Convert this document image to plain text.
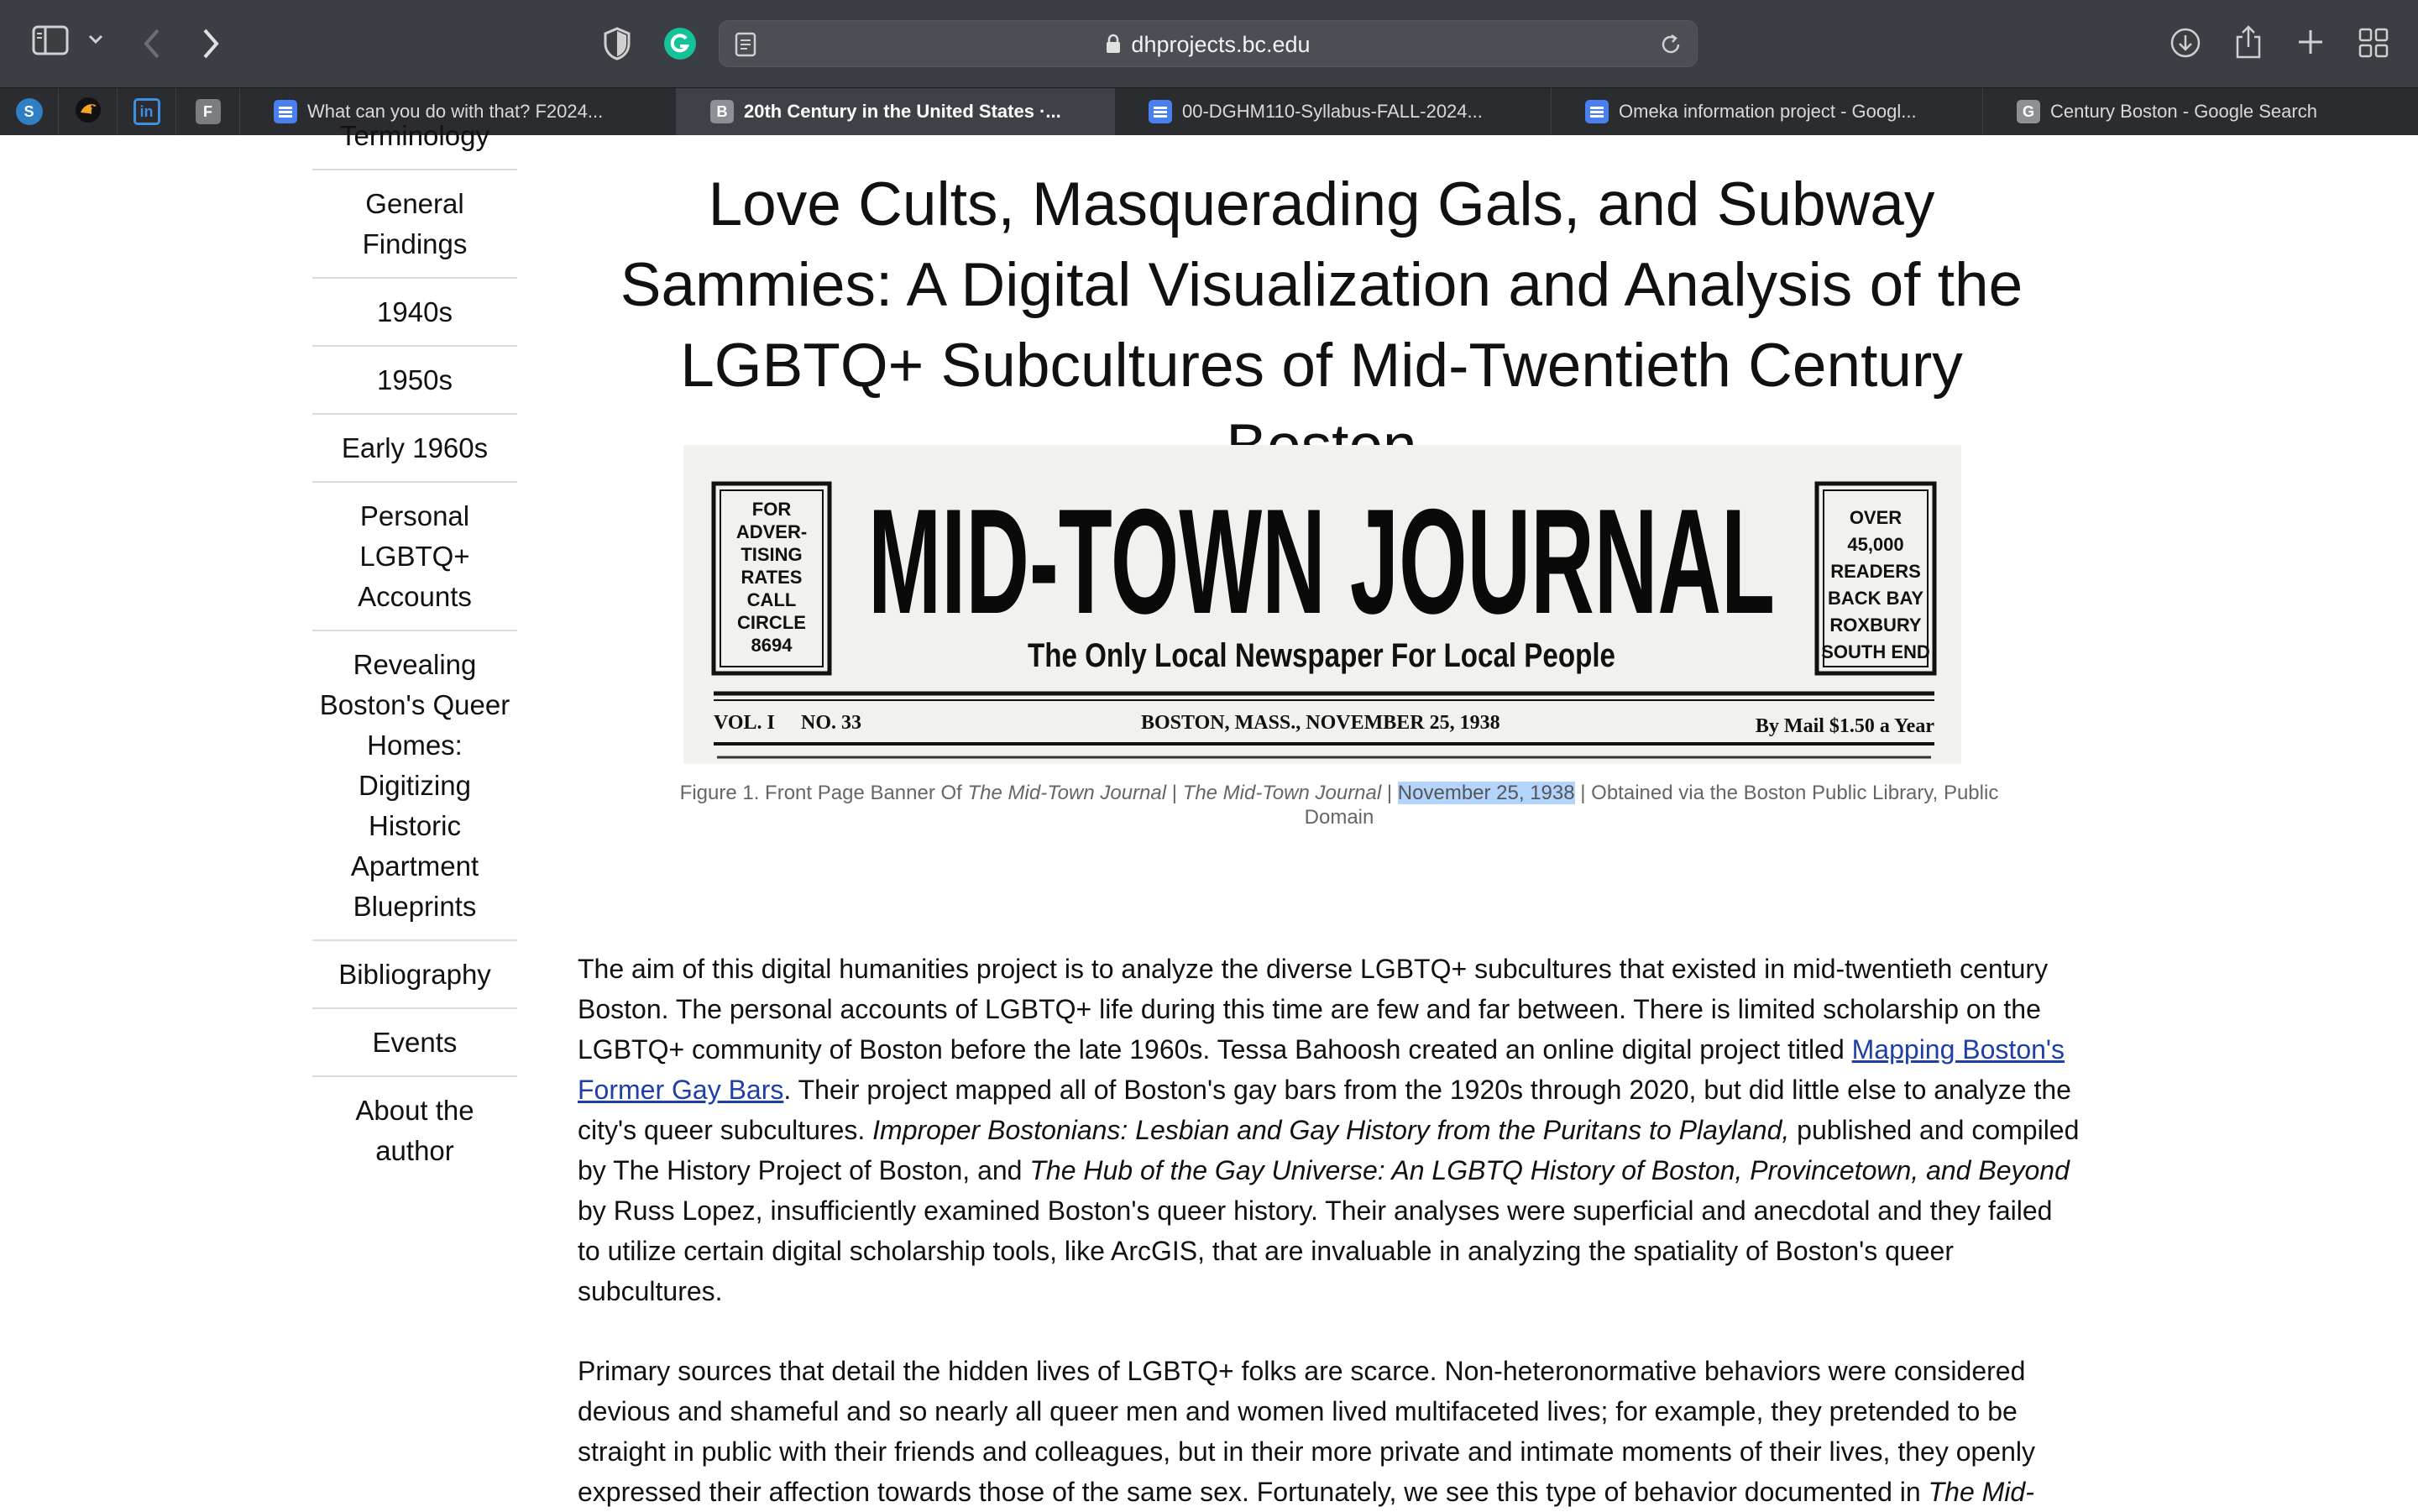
dhprojects.bc.edu
S	in	F	What can you do with that? F2024...	B 20th Century in the United States ·...	00-DGHM110-Syllabus-FALL-2024...	Omeka information project - Googl...	G Century Boston - Google Search
Terminology
General Findings
1940s
1950s
Early 1960s
Personal LGBTQ+ Accounts
Revealing Boston's Queer Homes: Digitizing Historic Apartment Blueprints
Bibliography
Events
About the author
Love Cults, Masquerading Gals, and Subway Sammies: A Digital Visualization and Analysis of the LGBTQ+ Subcultures of Mid-Twentieth Century
FOR
ADVER-
TISING
RATES
CALL
CIRCLE
8694
OVER
45,000
READERS
BACK BAY
ROXBURY
SOUTH END
MID-TOWN JOURNAL
The Only Local Newspaper For Local People
VOL. I NO. 33	BOSTON, MASS., NOVEMBER 25, 1938	By Mail $1.50 a Year
Figure 1. Front Page Banner Of The Mid-Town Journal | The Mid-Town Journal | November 25, 1938 | Obtained via the Boston Public Library, Public Domain

The aim of this digital humanities project is to analyze the diverse LGBTQ+ subcultures that existed in mid-twentieth century Boston. The personal accounts of LGBTQ+ life during this time are few and far between. There is limited scholarship on the LGBTQ+ community of Boston before the late 1960s. Tessa Bahoosh created an online digital project titled Mapping Boston's Former Gay Bars. Their project mapped all of Boston's gay bars from the 1920s through 2020, but did little else to analyze the city's queer subcultures. Improper Bostonians: Lesbian and Gay History from the Puritans to Playland, published and compiled by The History Project of Boston, and The Hub of the Gay Universe: An LGBTQ History of Boston, Provincetown, and Beyond by Russ Lopez, insufficiently examined Boston's queer history. Their analyses were superficial and anecdotal and they failed to utilize certain digital scholarship tools, like ArcGIS, that are invaluable in analyzing the spatiality of Boston's queer subcultures.

Primary sources that detail the hidden lives of LGBTQ+ folks are scarce. Non-heteronormative behaviors were considered devious and shameful and so nearly all queer men and women lived multifaceted lives; for example, they pretended to be straight in public with their friends and colleagues, but in their more private and intimate moments of their lives, they openly expressed their affection towards those of the same sex. Fortunately, we see this type of behavior documented in The Mid-
